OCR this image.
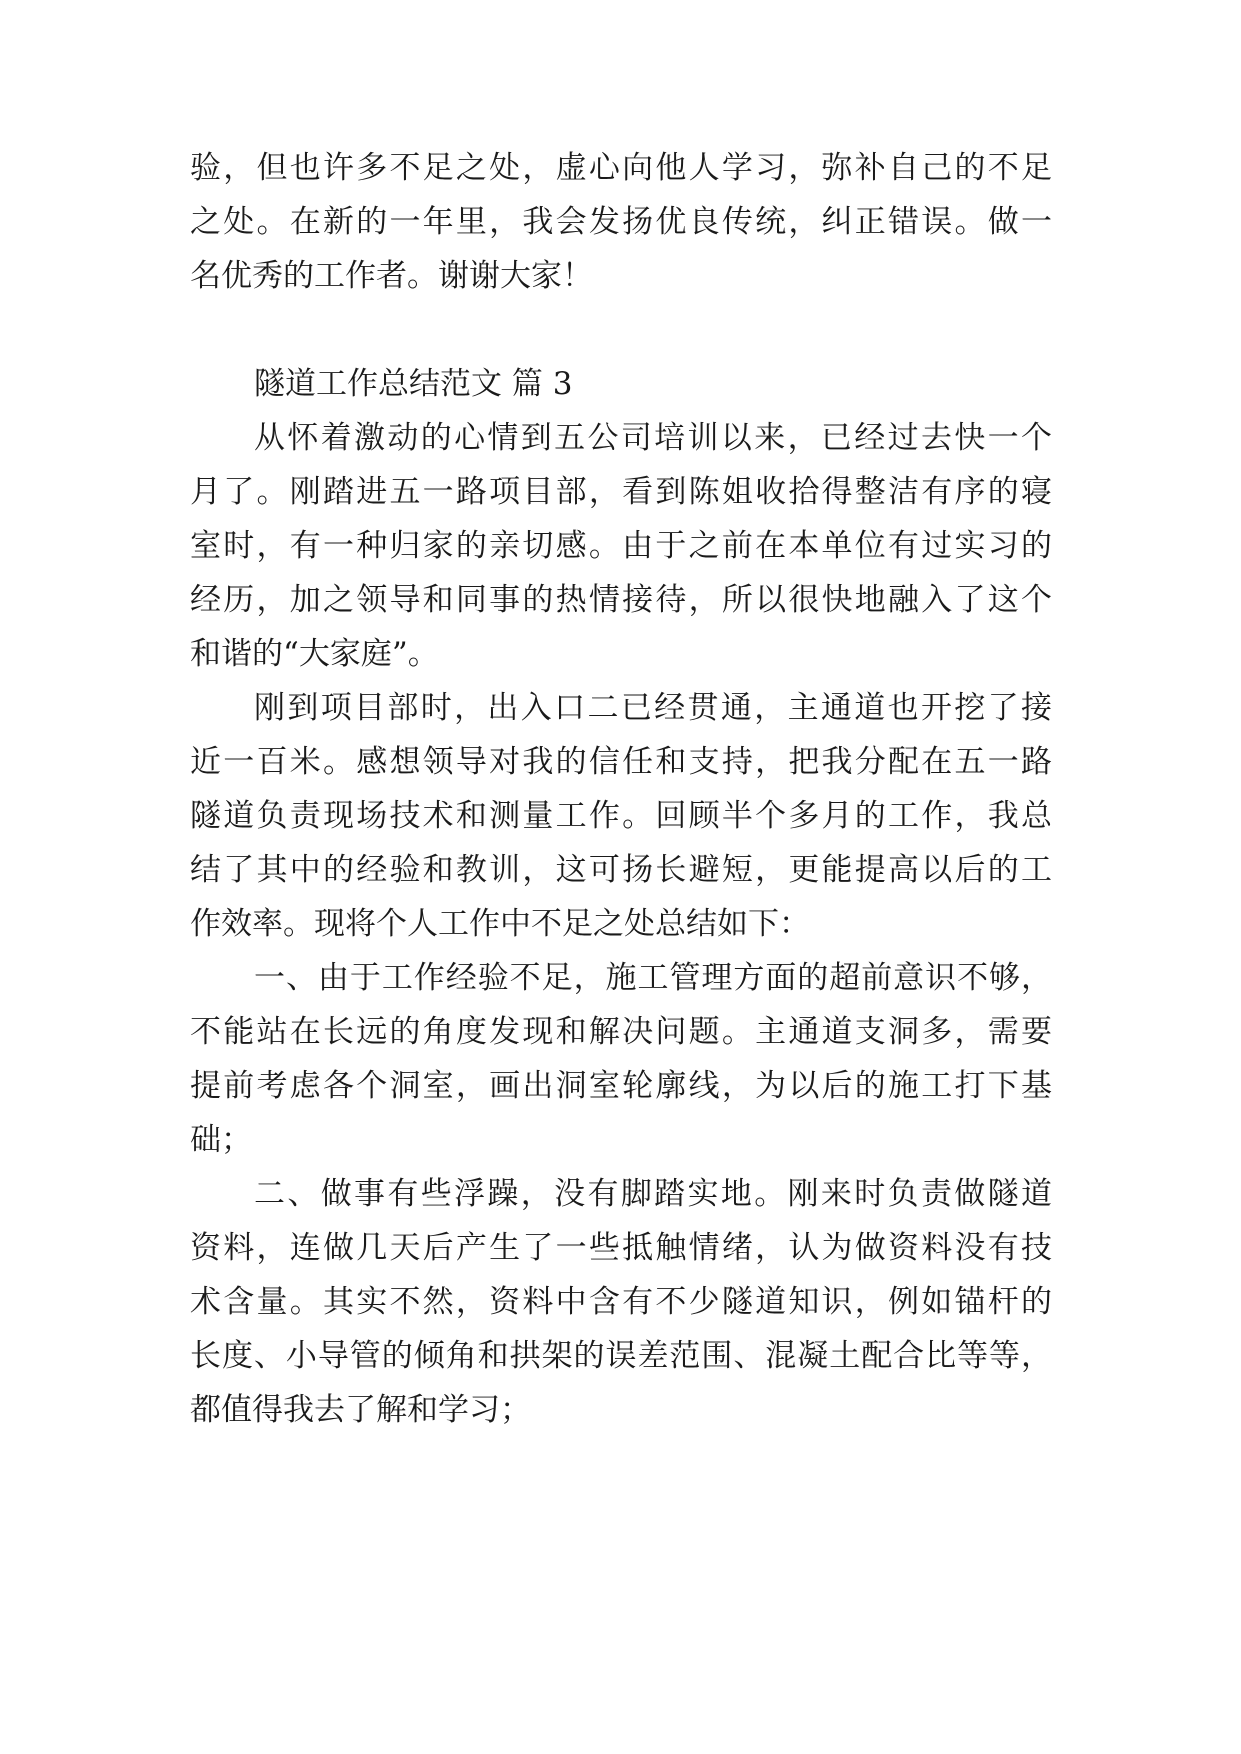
验，但也许多不足之处，虚心向他人学习，弥补自己的不足
之处。在新的一年里，我会发扬优良传统，纠正错误。做一
名优秀的工作者。谢谢大家！
隧道工作总结范文 篇 3
从怀着激动的心情到五公司培训以来，已经过去快一个
月了。刚踏进五一路项目部，看到陈姐收拾得整洁有序的寝
室时，有一种归家的亲切感。由于之前在本单位有过实习的
经历，加之领导和同事的热情接待，所以很快地融入了这个
和谐的“大家庭”。
刚到项目部时，出入口二已经贯通，主通道也开挖了接
近一百米。感想领导对我的信任和支持，把我分配在五一路
隧道负责现场技术和测量工作。回顾半个多月的工作，我总
结了其中的经验和教训，这可扬长避短，更能提高以后的工
作效率。现将个人工作中不足之处总结如下：
一、由于工作经验不足，施工管理方面的超前意识不够，
不能站在长远的角度发现和解决问题。主通道支洞多，需要
提前考虑各个洞室，画出洞室轮廓线，为以后的施工打下基
础；
二、做事有些浮躁，没有脚踏实地。刚来时负责做隧道
资料，连做几天后产生了一些抵触情绪，认为做资料没有技
术含量。其实不然，资料中含有不少隧道知识，例如锚杆的
长度、小导管的倾角和拱架的误差范围、混凝土配合比等等，
都值得我去了解和学习；
